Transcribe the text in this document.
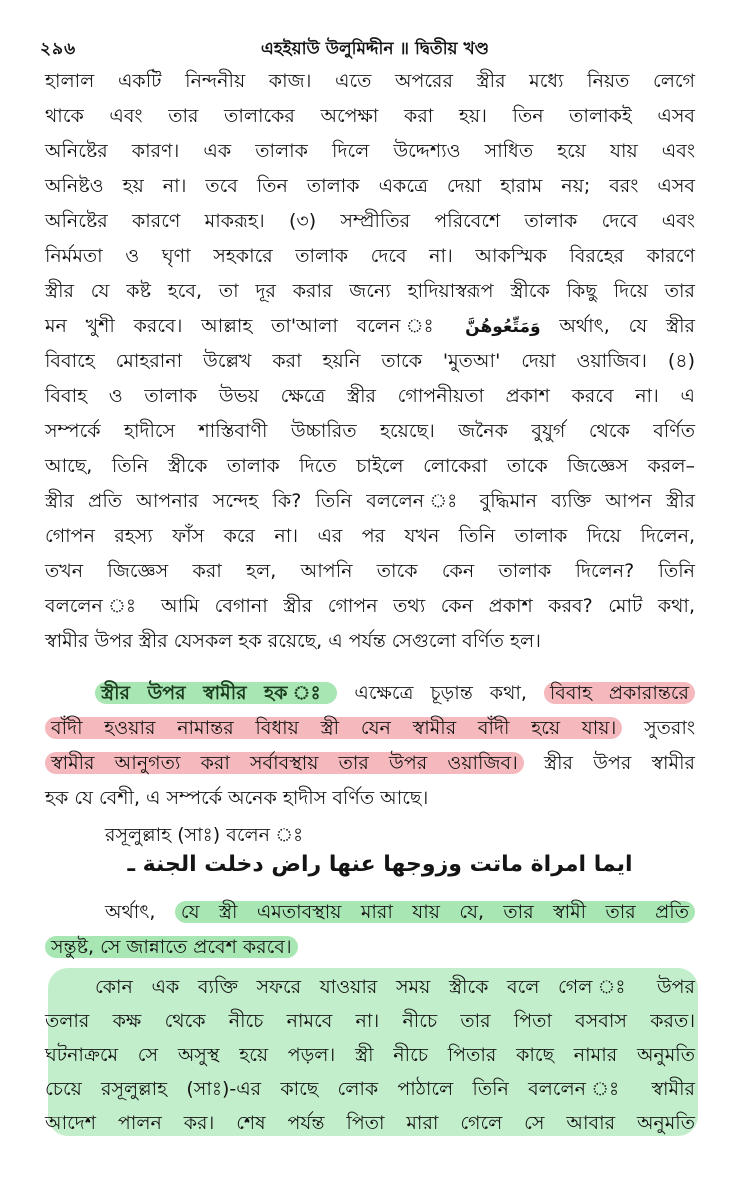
২৯৬	এহইয়াউ উলুমিদ্দীন ॥ দ্বিতীয় খণ্ড
হালাল একটি নিন্দনীয় কাজ। এতে অপরের স্ত্রীর মধ্যে নিয়ত লেগে
থাকে এবং তার তালাকের অপেক্ষা করা হয়। তিন তালাকই এসব
অনিষ্টের কারণ। এক তালাক দিলে উদ্দেশ্যও সাধিত হয়ে যায় এবং
অনিষ্টও হয় না। তবে তিন তালাক একত্রে দেয়া হারাম নয়; বরং এসব
অনিষ্টের কারণে মাকরূহ। (৩) সম্প্রীতির পরিবেশে তালাক দেবে এবং
নির্মমতা ও ঘৃণা সহকারে তালাক দেবে না। আকস্মিক বিরহের কারণে
স্ত্রীর যে কষ্ট হবে, তা দূর করার জন্যে হাদিয়াস্বরূপ স্ত্রীকে কিছু দিয়ে তার
মন খুশী করবে। আল্লাহ তা'আলা বলেন ঃ وَمَتِّعُوهُنَّ অর্থাৎ, যে স্ত্রীর
বিবাহে মোহরানা উল্লেখ করা হয়নি তাকে 'মুতআ' দেয়া ওয়াজিব। (৪)
বিবাহ ও তালাক উভয় ক্ষেত্রে স্ত্রীর গোপনীয়তা প্রকাশ করবে না। এ
সম্পর্কে হাদীসে শাস্তিবাণী উচ্চারিত হয়েছে। জনৈক বুযুর্গ থেকে বর্ণিত
আছে, তিনি স্ত্রীকে তালাক দিতে চাইলে লোকেরা তাকে জিজ্ঞেস করল–
স্ত্রীর প্রতি আপনার সন্দেহ কি? তিনি বললেন ঃ বুদ্ধিমান ব্যক্তি আপন স্ত্রীর
গোপন রহস্য ফাঁস করে না। এর পর যখন তিনি তালাক দিয়ে দিলেন,
তখন জিজ্ঞেস করা হল, আপনি তাকে কেন তালাক দিলেন? তিনি
বললেন ঃ আমি বেগানা স্ত্রীর গোপন তথ্য কেন প্রকাশ করব? মোট কথা,
স্বামীর উপর স্ত্রীর যেসকল হক রয়েছে, এ পর্যন্ত সেগুলো বর্ণিত হল।
স্ত্রীর উপর স্বামীর হক ঃ এক্ষেত্রে চূড়ান্ত কথা, বিবাহ প্রকারান্তরে
বাঁদী হওয়ার নামান্তর বিধায় স্ত্রী যেন স্বামীর বাঁদী হয়ে যায়। সুতরাং
স্বামীর আনুগত্য করা সর্বাবস্থায় তার উপর ওয়াজিব। স্ত্রীর উপর স্বামীর
হক যে বেশী, এ সম্পর্কে অনেক হাদীস বর্ণিত আছে।
রসূলুল্লাহ (সাঃ) বলেন ঃ
ايما امراة ماتت وزوجها عنها راض دخلت الجنة ـ
অর্থাৎ, যে স্ত্রী এমতাবস্থায় মারা যায় যে, তার স্বামী তার প্রতি
সন্তুষ্ট, সে জান্নাতে প্রবেশ করবে।
কোন এক ব্যক্তি সফরে যাওয়ার সময় স্ত্রীকে বলে গেল ঃ উপর
তলার কক্ষ থেকে নীচে নামবে না। নীচে তার পিতা বসবাস করত।
ঘটনাক্রমে সে অসুস্থ হয়ে পড়ল। স্ত্রী নীচে পিতার কাছে নামার অনুমতি
চেয়ে রসূলুল্লাহ (সাঃ)-এর কাছে লোক পাঠালে তিনি বললেন ঃ স্বামীর
আদেশ পালন কর। শেষ পর্যন্ত পিতা মারা গেলে সে আবার অনুমতি
